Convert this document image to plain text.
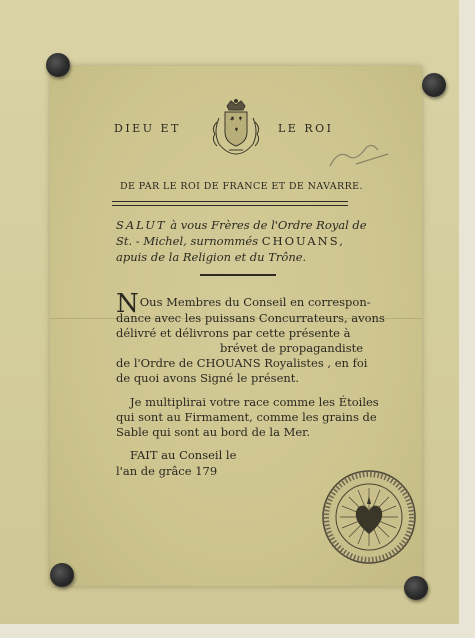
DIEU ET	LE ROI
DE PAR LE ROI DE FRANCE ET DE NAVARRE.
SALUT à vous Frères de l'Ordre Royal de
St. - Michel, surnommés CHOUANS,
apuis de la Religion et du Trône.
NOus Membres du Conseil en correspon-
dance avec les puissans Concurrateurs, avons
délivré et délivrons par cette présente à
brévet de propagandiste
de l'Ordre de CHOUANS Royalistes , en foi
de quoi avons Signé le présent.
Je multiplirai votre race comme les Étoiles
qui sont au Firmament, comme les grains de
Sable qui sont au bord de la Mer.
FAIT au Conseil le
l'an de grâce 179
